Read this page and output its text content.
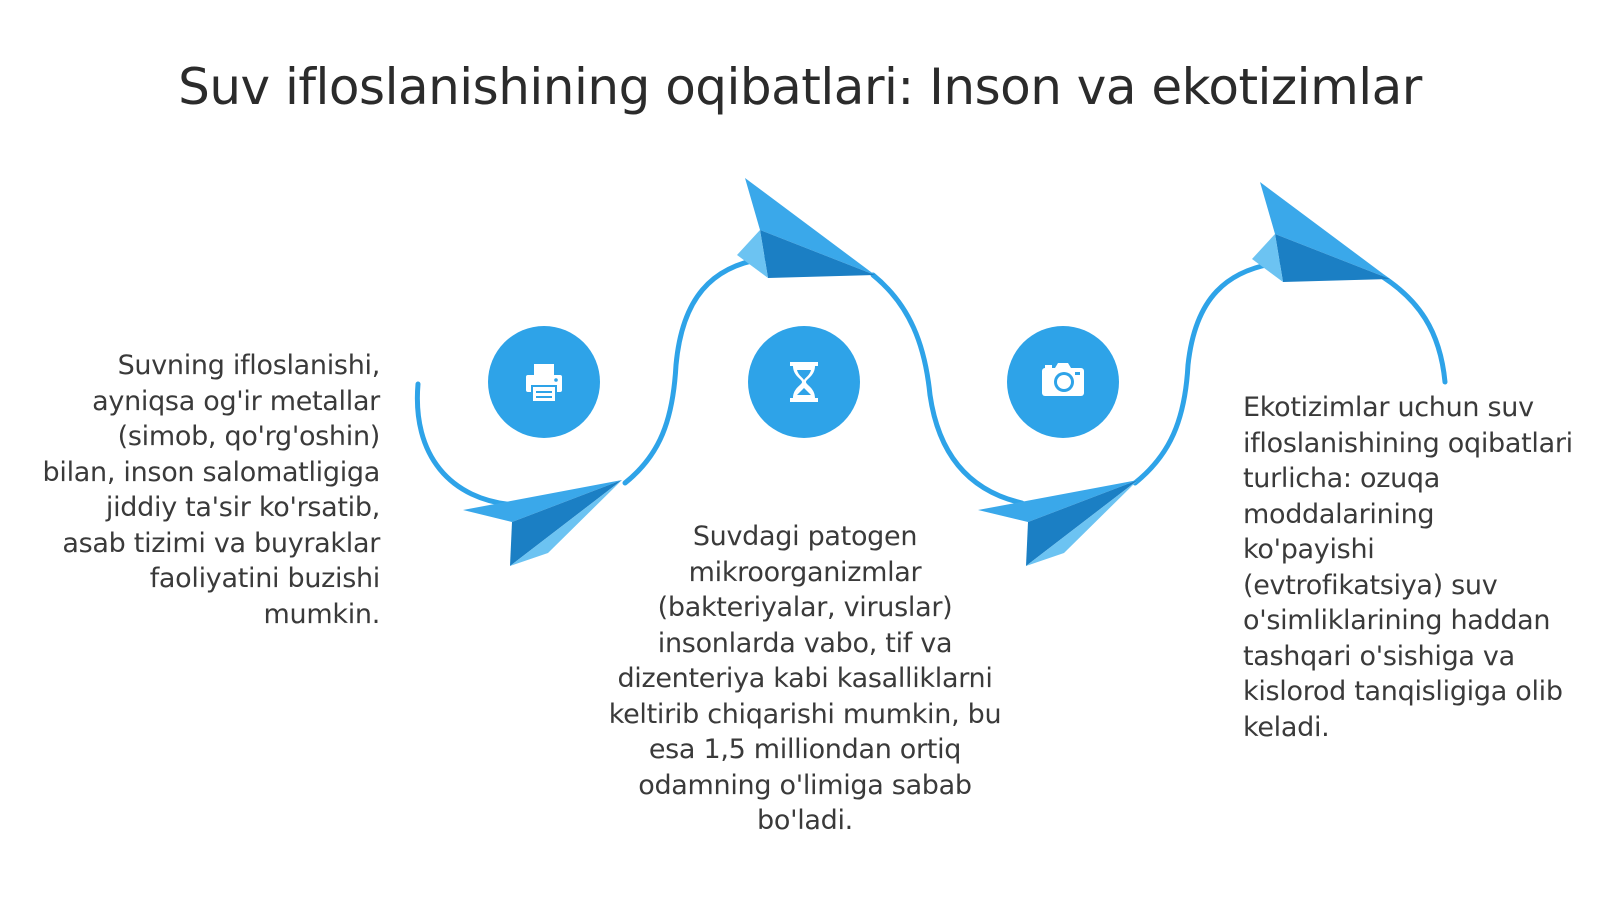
Suv ifloslanishining oqibatlari: Inson va ekotizimlar
Suvning ifloslanishi, ayniqsa og'ir metallar (simob, qo'rg'oshin) bilan, inson salomatligiga jiddiy ta'sir ko'rsatib, asab tizimi va buyraklar faoliyatini buzishi mumkin.
Suvdagi patogen mikroorganizmlar (bakteriyalar, viruslar) insonlarda vabo, tif va dizenteriya kabi kasalliklarni keltirib chiqarishi mumkin, bu esa 1,5 milliondan ortiq odamning o'limiga sabab bo'ladi.
Ekotizimlar uchun suv ifloslanishining oqibatlari turlicha: ozuqa moddalarining ko'payishi (evtrofikatsiya) suv o'simliklarining haddan tashqari o'sishiga va kislorod tanqisligiga olib keladi.
